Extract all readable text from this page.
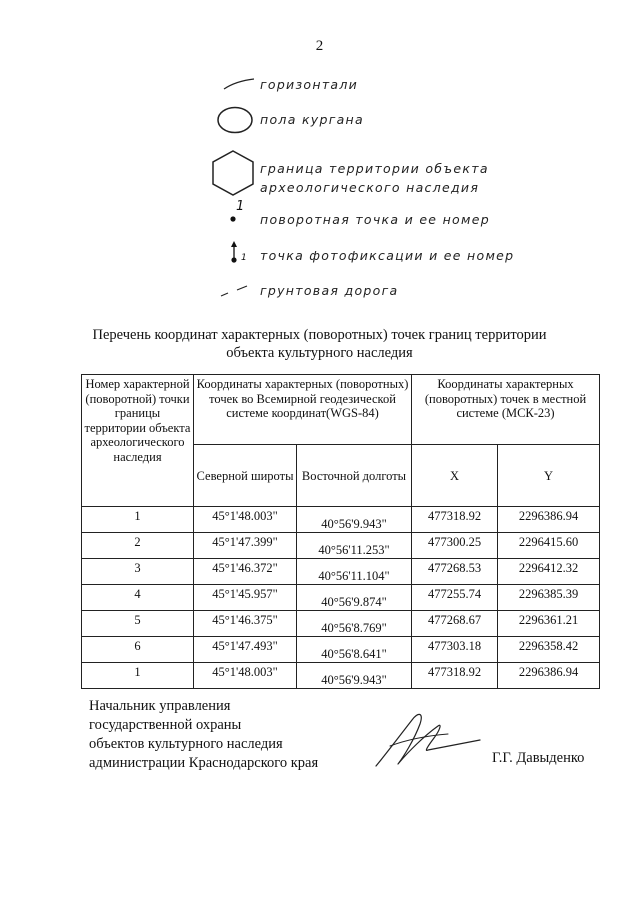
2
горизонтали
пола кургана
граница территории объекта
археологического наследия
1
поворотная точка и ее номер
1 точка фотофиксации и ее номер
грунтовая дорога
Перечень координат характерных (поворотных) точек границ территории
объекта культурного наследия
Номер характерной (поворотной) точки границы территории объекта археологического наследия	Координаты характерных (поворотных) точек во Всемирной геодезической системе координат(WGS-84)		Координаты характерных (поворотных) точек в местной системе (МСК-23)	
	Северной широты	Восточной долготы	X	Y
1	45°1'48.003"	40°56'9.943"	477318.92	2296386.94
2	45°1'47.399"	40°56'11.253"	477300.25	2296415.60
3	45°1'46.372"	40°56'11.104"	477268.53	2296412.32
4	45°1'45.957"	40°56'9.874"	477255.74	2296385.39
5	45°1'46.375"	40°56'8.769"	477268.67	2296361.21
6	45°1'47.493"	40°56'8.641"	477303.18	2296358.42
1	45°1'48.003"	40°56'9.943"	477318.92	2296386.94
Начальник управления
государственной охраны
объектов культурного наследия
администрации Краснодарского края	Г.Г. Давыденко
